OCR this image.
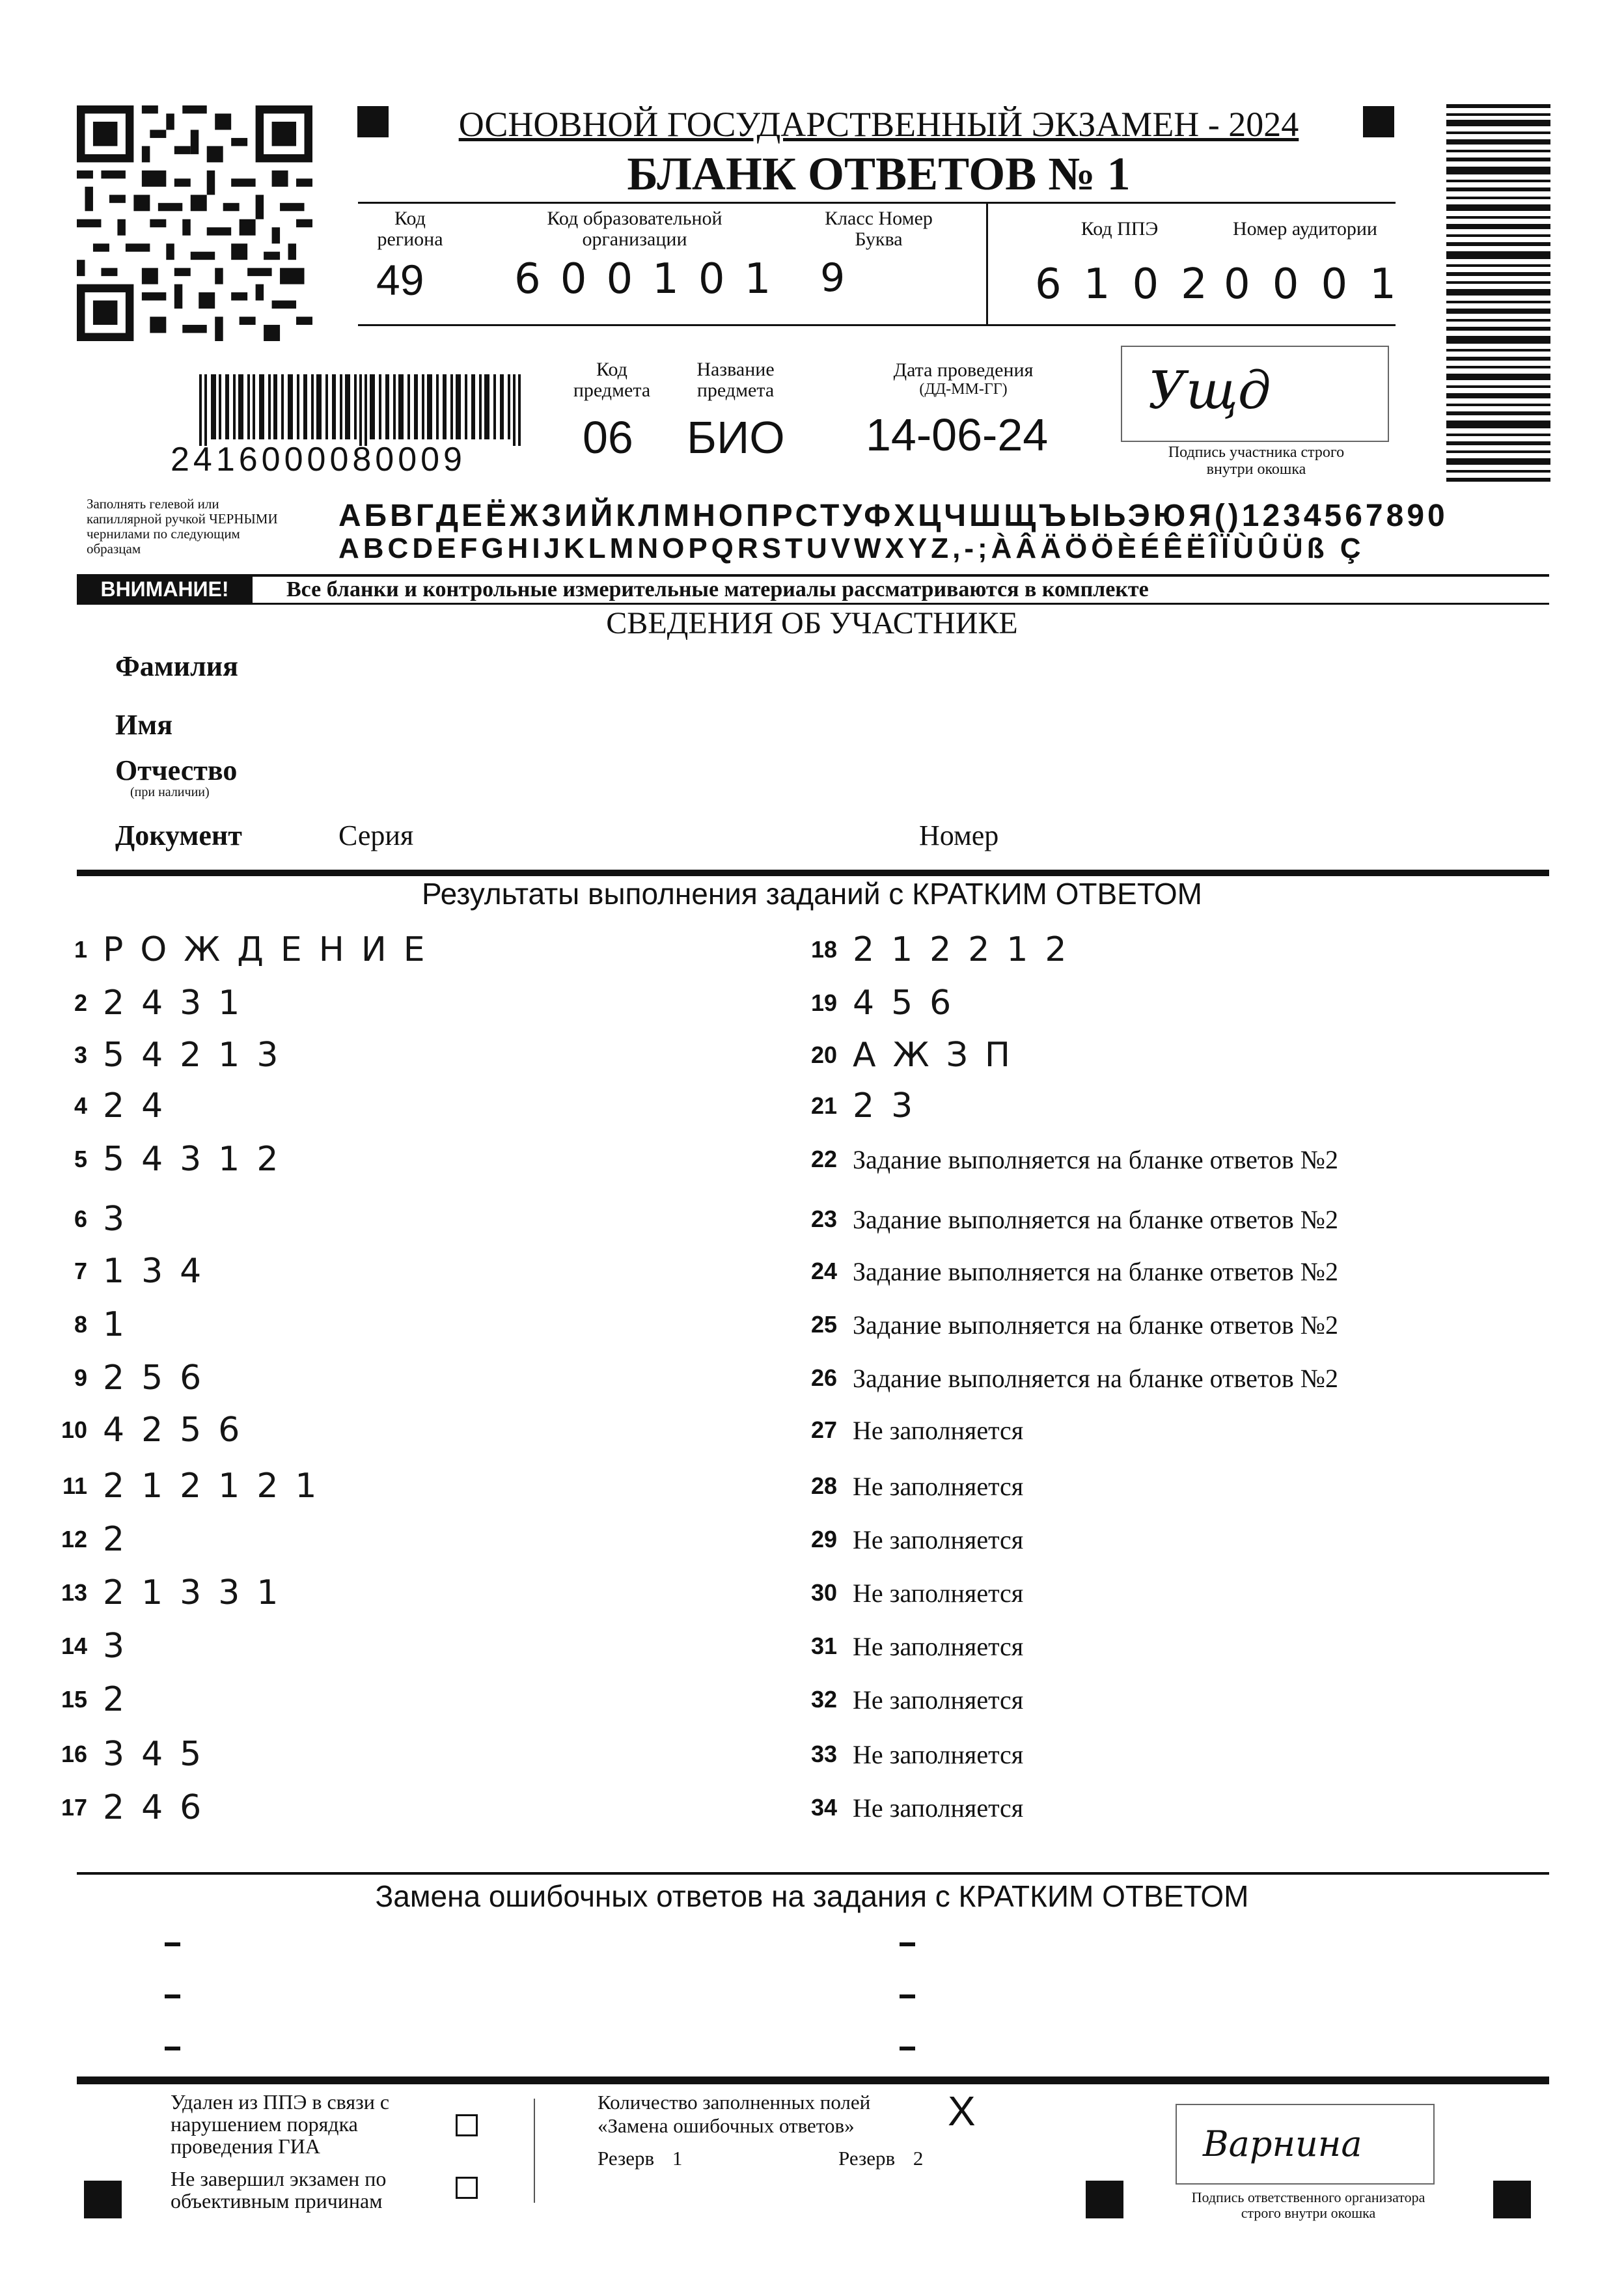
ОСНОВНОЙ ГОСУДАРСТВЕННЫЙ ЭКЗАМЕН - 2024
БЛАНК ОТВЕТОВ № 1
Код региона
49
Код образовательной организации
600101
Класс Номер Буква
9
Код ППЭ
6102
Номер аудитории
0001
2416000080009
Код предмета
06
Название предмета
БИО
Дата проведения
(ДД-ММ-ГГ)
14-06-24
Ущд
Подпись участника строго внутри окошка
Заполнять гелевой или капиллярной ручкой ЧЕРНЫМИ чернилами по следующим образцам
АБВГДЕЁЖЗИЙКЛМНОПРСТУФХЦЧШЩЪЫЬЭЮЯ()1234567890
ABCDEFGHIJKLMNOPQRSTUVWXYZ,-;ÀÂÄÖÖÈÉÊËÎÏÙÛÜß Ç
ВНИМАНИЕ!	Все бланки и контрольные измерительные материалы рассматриваются в комплекте
СВЕДЕНИЯ ОБ УЧАСТНИКЕ
Фамилия
Имя
Отчество
(при наличии)
Документ	Серия	Номер
Результаты выполнения заданий с КРАТКИМ ОТВЕТОМ
1 РОЖДЕНИЕ
2 2431
3 54213
4 24
5 54312
6 3
7 134
8 1
9 256
10 4256
11 212121
12 2
13 21331
14 3
15 2
16 345
17 246
18 212212
19 456
20 АЖЗП
21 23
22 Задание выполняется на бланке ответов №2
23 Задание выполняется на бланке ответов №2
24 Задание выполняется на бланке ответов №2
25 Задание выполняется на бланке ответов №2
26 Задание выполняется на бланке ответов №2
27 Не заполняется
28 Не заполняется
29 Не заполняется
30 Не заполняется
31 Не заполняется
32 Не заполняется
33 Не заполняется
34 Не заполняется
Замена ошибочных ответов на задания с КРАТКИМ ОТВЕТОМ
Удален из ППЭ в связи с нарушением порядка проведения ГИА
Не завершил экзамен по объективным причинам
Количество заполненных полей «Замена ошибочных ответов»	X
Резерв 1	Резерв 2	Варнина
Подпись ответственного организатора строго внутри окошка
